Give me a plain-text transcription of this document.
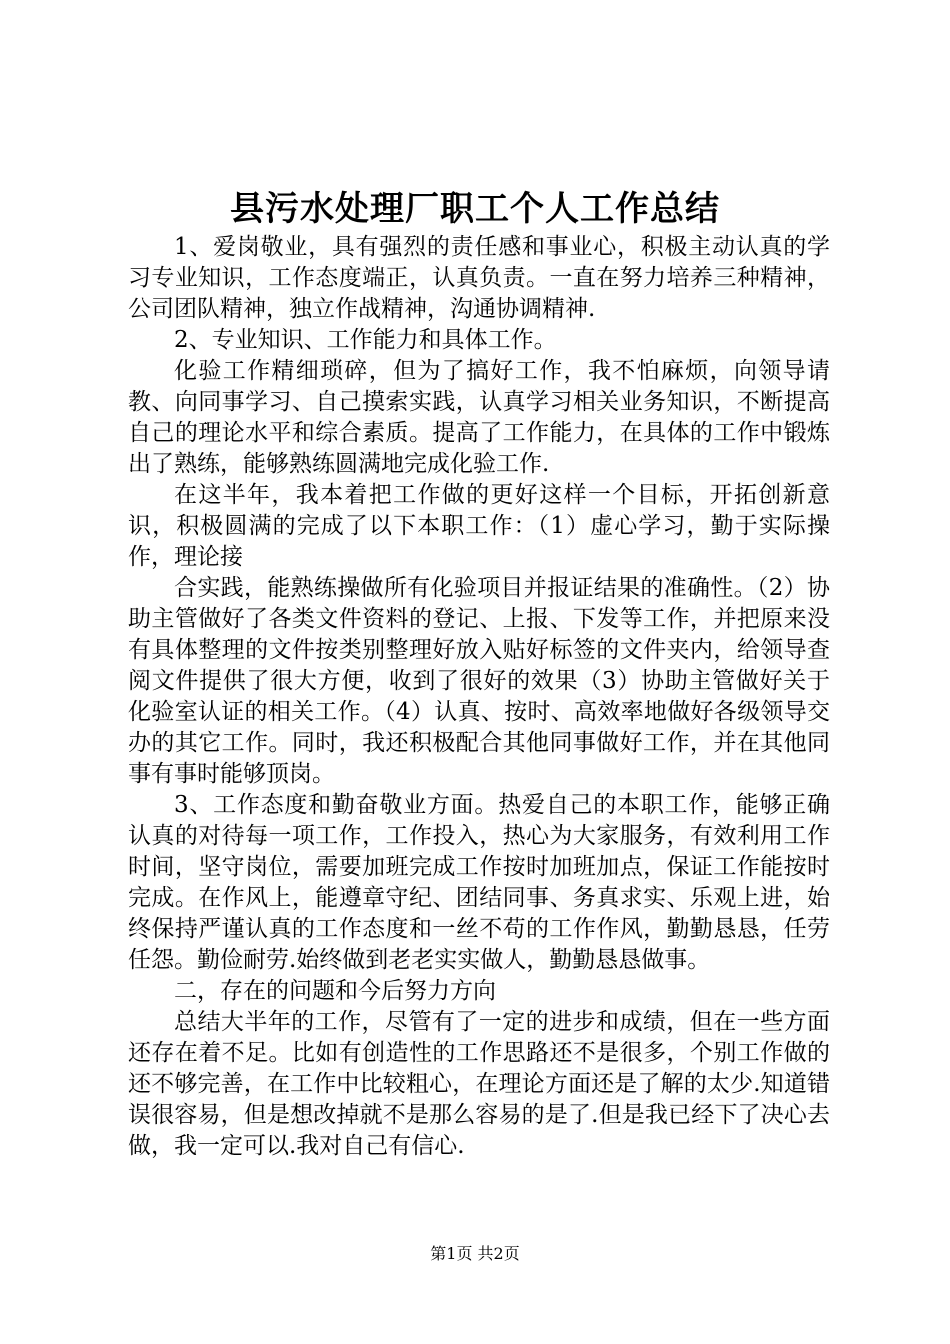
县污水处理厂职工个人工作总结

1、爱岗敬业，具有强烈的责任感和事业心，积极主动认真的学习专业知识，工作态度端正，认真负责。一直在努力培养三种精神，公司团队精神，独立作战精神，沟通协调精神.

2、专业知识、工作能力和具体工作。

化验工作精细琐碎，但为了搞好工作，我不怕麻烦，向领导请教、向同事学习、自己摸索实践，认真学习相关业务知识，不断提高自己的理论水平和综合素质。提高了工作能力，在具体的工作中锻炼出了熟练，能够熟练圆满地完成化验工作.

在这半年，我本着把工作做的更好这样一个目标，开拓创新意识，积极圆满的完成了以下本职工作：（1）虚心学习，勤于实际操作，理论接

合实践，能熟练操做所有化验项目并报证结果的准确性。（2）协助主管做好了各类文件资料的登记、上报、下发等工作，并把原来没有具体整理的文件按类别整理好放入贴好标签的文件夹内，给领导查阅文件提供了很大方便，收到了很好的效果（3）协助主管做好关于化验室认证的相关工作。（4）认真、按时、高效率地做好各级领导交办的其它工作。同时，我还积极配合其他同事做好工作，并在其他同事有事时能够顶岗。

3、工作态度和勤奋敬业方面。热爱自己的本职工作，能够正确认真的对待每一项工作，工作投入，热心为大家服务，有效利用工作时间，坚守岗位，需要加班完成工作按时加班加点，保证工作能按时完成。在作风上，能遵章守纪、团结同事、务真求实、乐观上进，始终保持严谨认真的工作态度和一丝不苟的工作作风，勤勤恳恳，任劳任怨。勤俭耐劳.始终做到老老实实做人，勤勤恳恳做事。

二，存在的问题和今后努力方向

总结大半年的工作，尽管有了一定的进步和成绩，但在一些方面还存在着不足。比如有创造性的工作思路还不是很多，个别工作做的还不够完善，在工作中比较粗心，在理论方面还是了解的太少.知道错误很容易，但是想改掉就不是那么容易的是了.但是我已经下了决心去做，我一定可以.我对自己有信心.

第1页 共2页
